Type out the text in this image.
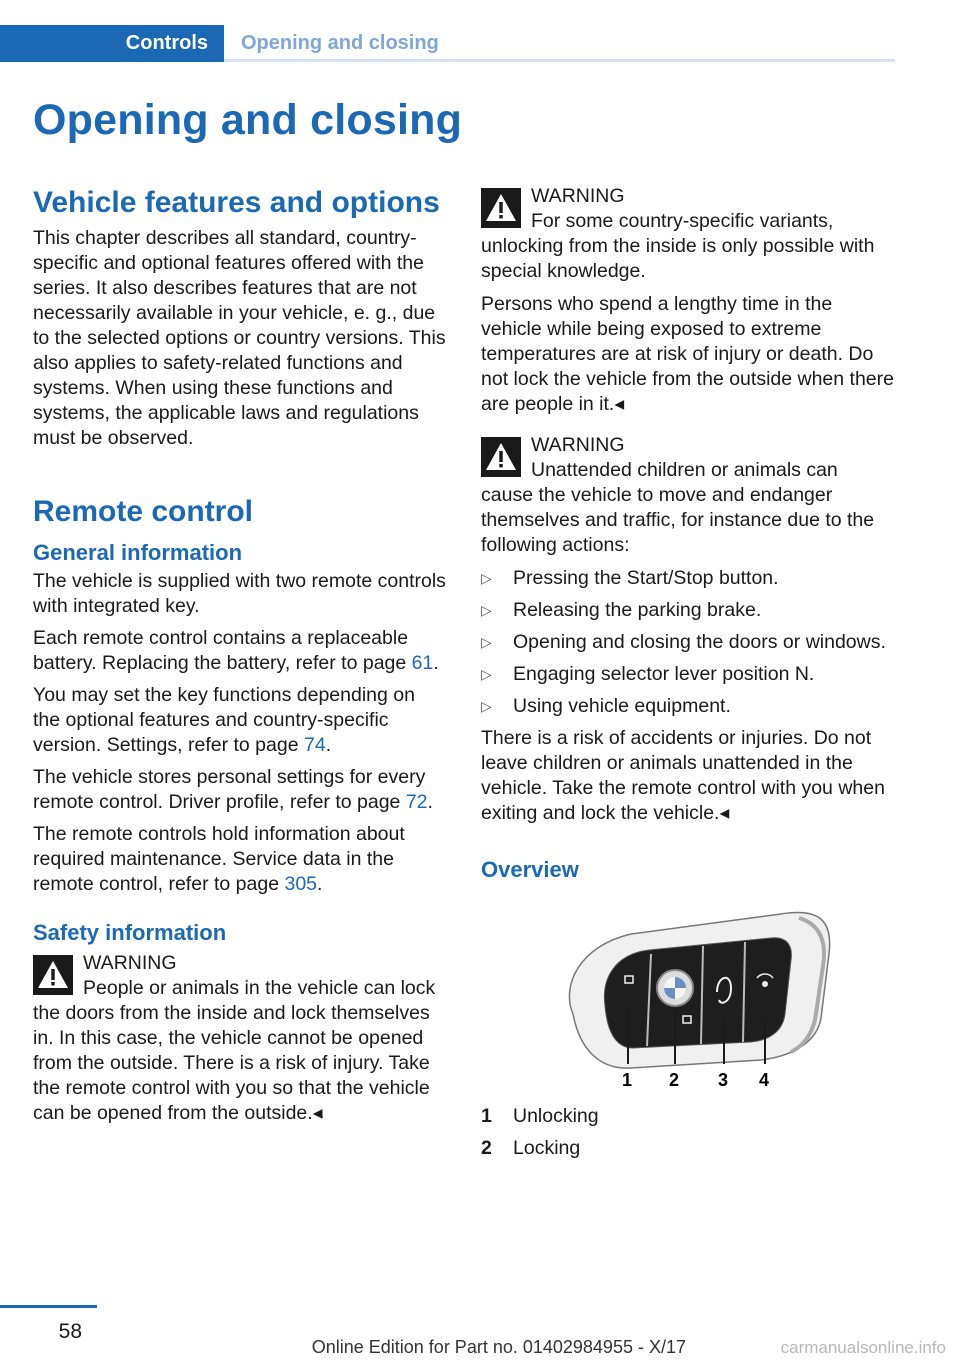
Controls	Opening and closing
Opening and closing
Vehicle features and options

This chapter describes all standard, country-specific and optional features offered with the series. It also describes features that are not necessarily available in your vehicle, e. g., due to the selected options or country versions. This also applies to safety-related functions and systems. When using these functions and systems, the applicable laws and regulations must be observed.

Remote control
General information

The vehicle is supplied with two remote controls with integrated key.

Each remote control contains a replaceable battery. Replacing the battery, refer to page 61.

You may set the key functions depending on the optional features and country-specific version. Settings, refer to page 74.

The vehicle stores personal settings for every remote control. Driver profile, refer to page 72.

The remote controls hold information about required maintenance. Service data in the remote control, refer to page 305.

Safety information
WARNING
People or animals in the vehicle can lock the doors from the inside and lock themselves in. In this case, the vehicle cannot be opened from the outside. There is a risk of injury. Take the remote control with you so that the vehicle can be opened from the outside.◂
WARNING
For some country-specific variants, unlocking from the inside is only possible with special knowledge.

Persons who spend a lengthy time in the vehicle while being exposed to extreme temperatures are at risk of injury or death. Do not lock the vehicle from the outside when there are people in it.◂

WARNING
Unattended children or animals can cause the vehicle to move and endanger themselves and traffic, for instance due to the following actions:
▷ Pressing the Start/Stop button.
▷ Releasing the parking brake.
▷ Opening and closing the doors or windows.
▷ Engaging selector lever position N.
▷ Using vehicle equipment.

There is a risk of accidents or injuries. Do not leave children or animals unattended in the vehicle. Take the remote control with you when exiting and lock the vehicle.◂

Overview
1 2 3 4
1	Unlocking
2	Locking
58
Online Edition for Part no. 01402984955 - X/17	carmanualsonline.info
